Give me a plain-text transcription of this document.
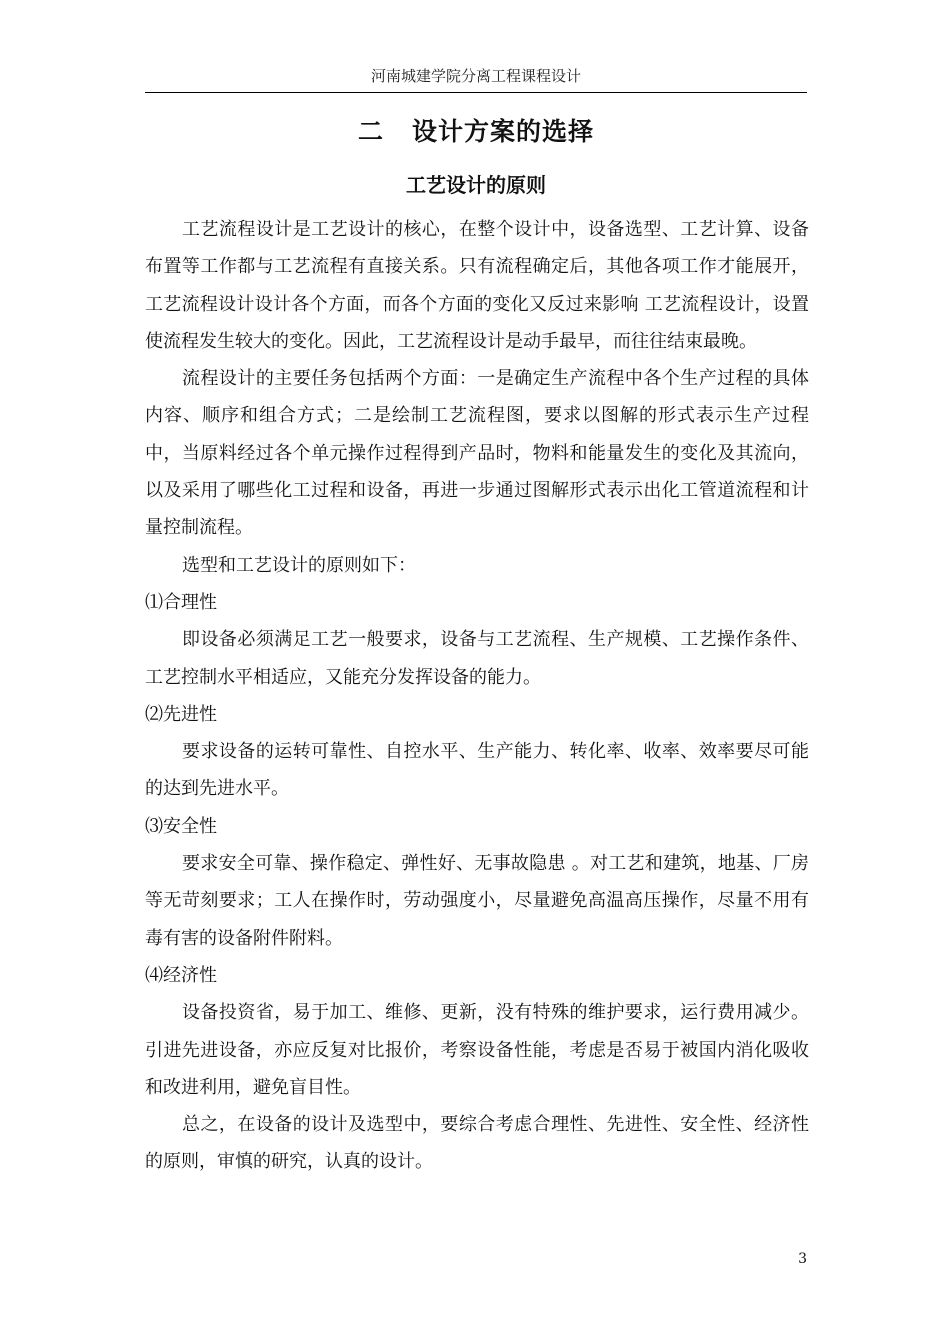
河南城建学院分离工程课程设计
二 设计方案的选择
工艺设计的原则

工艺流程设计是工艺设计的核心，在整个设计中，设备选型、工艺计算、设备布置等工作都与工艺流程有直接关系。只有流程确定后，其他各项工作才能展开，工艺流程设计设计各个方面，而各个方面的变化又反过来影响 工艺流程设计，设置使流程发生较大的变化。因此，工艺流程设计是动手最早，而往往结束最晚。

流程设计的主要任务包括两个方面：一是确定生产流程中各个生产过程的具体内容、顺序和组合方式；二是绘制工艺流程图，要求以图解的形式表示生产过程中，当原料经过各个单元操作过程得到产品时，物料和能量发生的变化及其流向，以及采用了哪些化工过程和设备，再进一步通过图解形式表示出化工管道流程和计量控制流程。

选型和工艺设计的原则如下：

⑴合理性

即设备必须满足工艺一般要求，设备与工艺流程、生产规模、工艺操作条件、工艺控制水平相适应，又能充分发挥设备的能力。

⑵先进性

要求设备的运转可靠性、自控水平、生产能力、转化率、收率、效率要尽可能的达到先进水平。

⑶安全性

要求安全可靠、操作稳定、弹性好、无事故隐患 。对工艺和建筑，地基、厂房等无苛刻要求；工人在操作时，劳动强度小，尽量避免高温高压操作，尽量不用有毒有害的设备附件附料。

⑷经济性

设备投资省，易于加工、维修、更新，没有特殊的维护要求，运行费用减少。引进先进设备，亦应反复对比报价，考察设备性能，考虑是否易于被国内消化吸收和改进利用，避免盲目性。

总之，在设备的设计及选型中，要综合考虑合理性、先进性、安全性、经济性的原则，审慎的研究，认真的设计。

3
